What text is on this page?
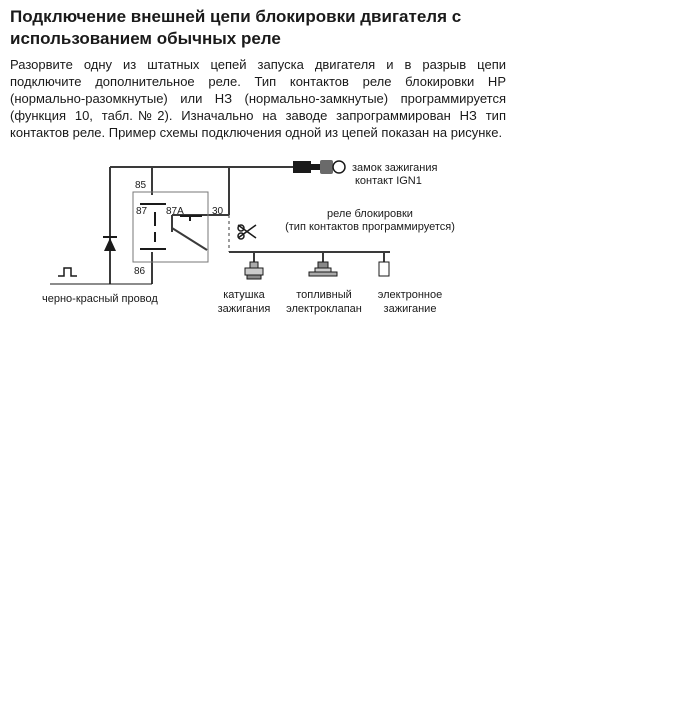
Подключение внешней цепи блокировки двигателя с
использованием обычных реле
Разорвите одну из штатных цепей запуска двигателя и в разрыв цепи подключите дополнительное реле. Тип контактов реле блокировки НР (нормально-разомкнутые) или НЗ (нормально-замкнутые) программируется (функция 10, табл.№2). Изначально на заводе запрограммирован НЗ тип контактов реле. Пример схемы подключения одной из цепей показан на рисунке.
85
87 87A	30
86
замок зажигания
контакт IGN1
реле блокировки
(тип контактов программируется)
черно-красный провод	катушка
зажигания
топливный
электроклапан
электронное
зажигание
